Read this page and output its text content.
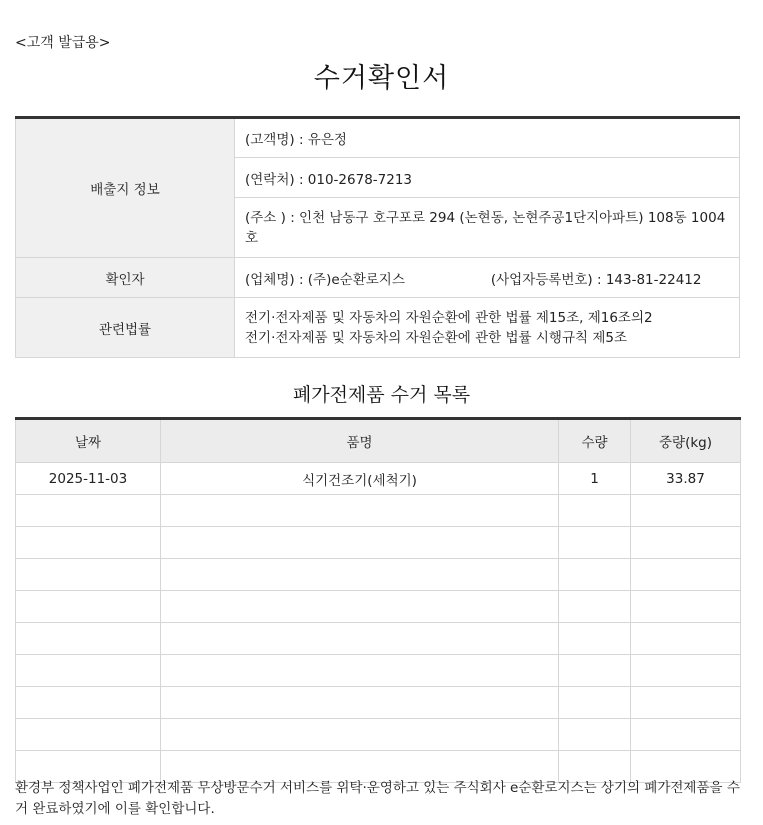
<고객 발급용>
수거확인서
배출지 정보	(고객명) : 유은정
	(연락처) : 010-2678-7213
	(주소 ) : 인천 남동구 호구포로 294 (논현동, 논현주공1단지아파트) 108동 1004호
확인자	(업체명) : (주)e순환로지스 (사업자등록번호) : 143-81-22412
관련법률	전기·전자제품 및 자동차의 자원순환에 관한 법률 제15조, 제16조의2
전기·전자제품 및 자동차의 자원순환에 관한 법률 시행규칙 제5조
폐가전제품 수거 목록
날짜	품명	수량	중량(kg)
2025-11-03	식기건조기(세척기)	1	33.87

환경부 정책사업인 폐가전제품 무상방문수거 서비스를 위탁·운영하고 있는 주식회사 e순환로지스는 상기의 폐가전제품을 수거 완료하였기에 이를 확인합니다.
